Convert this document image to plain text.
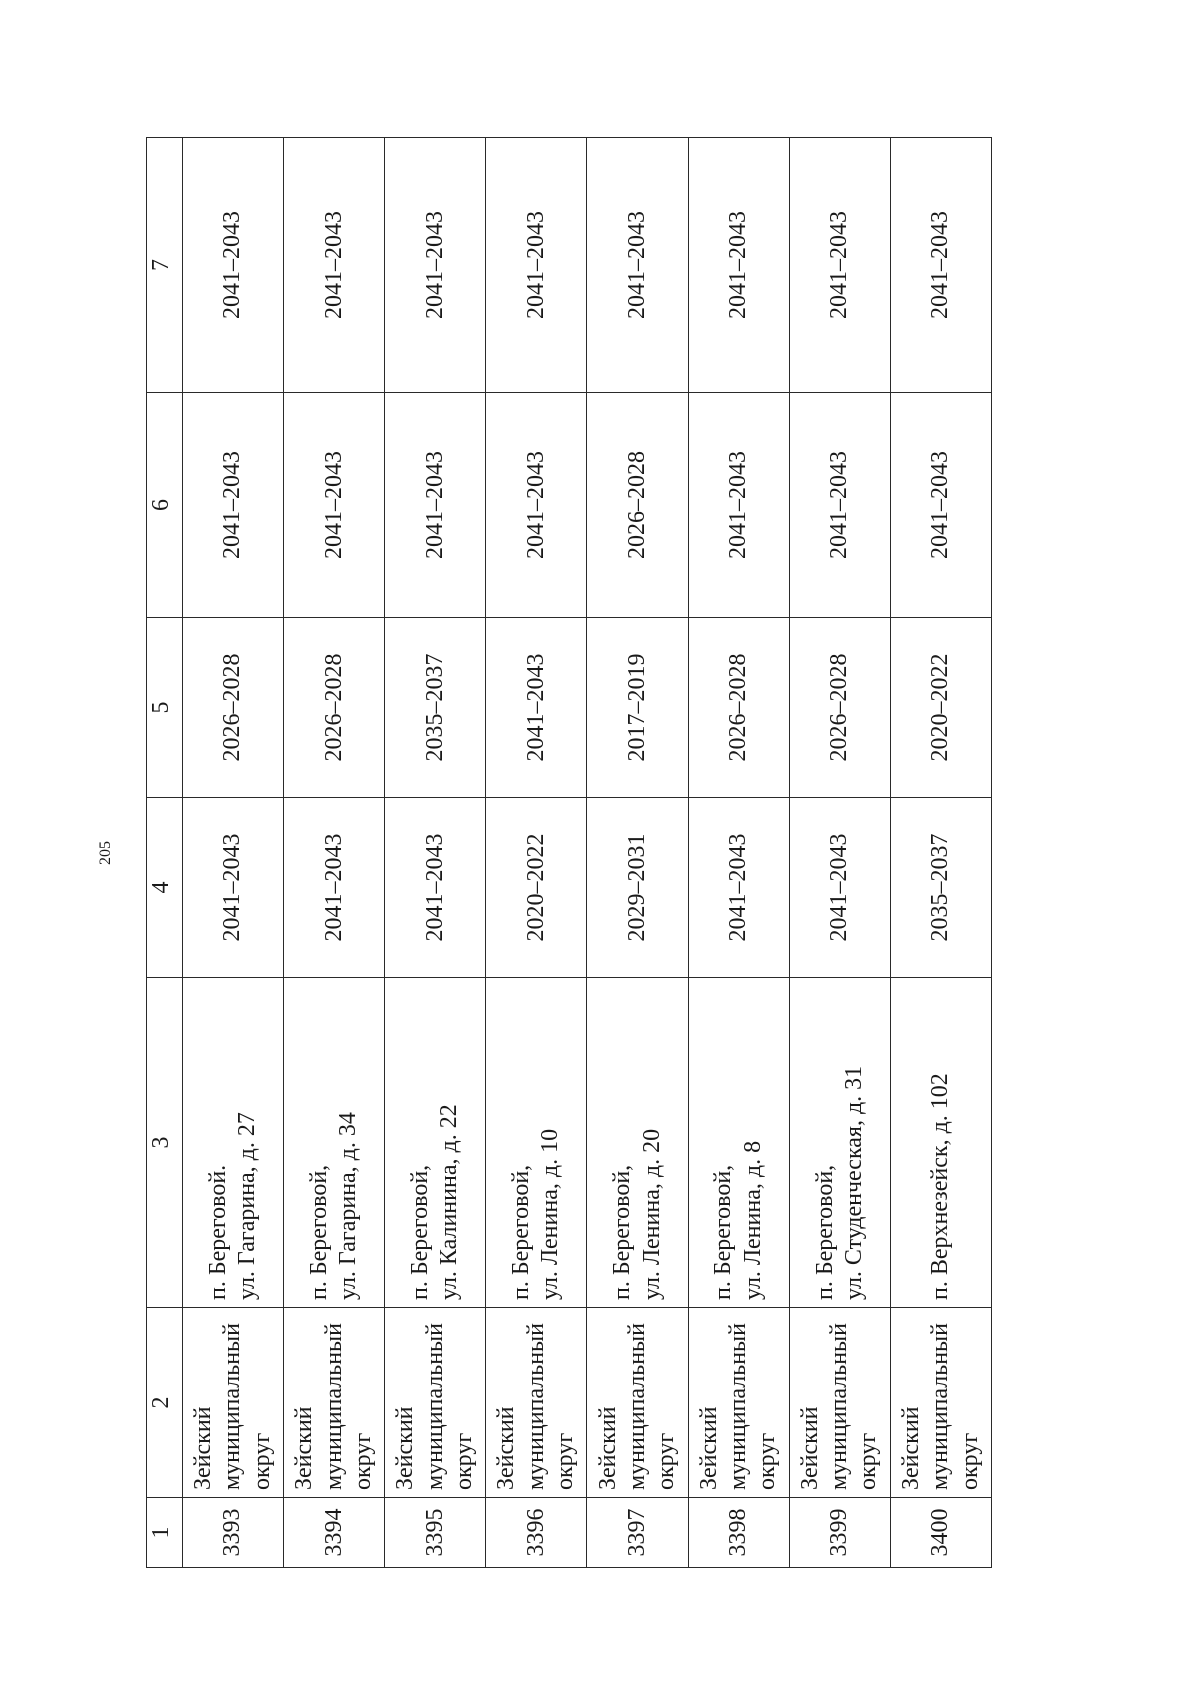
205
1	2	3	4	5	6	7
3393	Зейский муниципальный округ	п. Береговой. ул. Гагарина, д. 27	2041–2043	2026–2028	2041–2043	2041–2043
3394	Зейский муниципальный округ	п. Береговой, ул. Гагарина, д. 34	2041–2043	2026–2028	2041–2043	2041–2043
3395	Зейский муниципальный округ	п. Береговой, ул. Калинина, д. 22	2041–2043	2035–2037	2041–2043	2041–2043
3396	Зейский муниципальный округ	п. Береговой, ул. Ленина, д. 10	2020–2022	2041–2043	2041–2043	2041–2043
3397	Зейский муниципальный округ	п. Береговой, ул. Ленина, д. 20	2029–2031	2017–2019	2026–2028	2041–2043
3398	Зейский муниципальный округ	п. Береговой, ул. Ленина, д. 8	2041–2043	2026–2028	2041–2043	2041–2043
3399	Зейский муниципальный округ	п. Береговой, ул. Студенческая, д. 31	2041–2043	2026–2028	2041–2043	2041–2043
3400	Зейский муниципальный округ	п. Верхнезейск, д. 102	2035–2037	2020–2022	2041–2043	2041–2043
